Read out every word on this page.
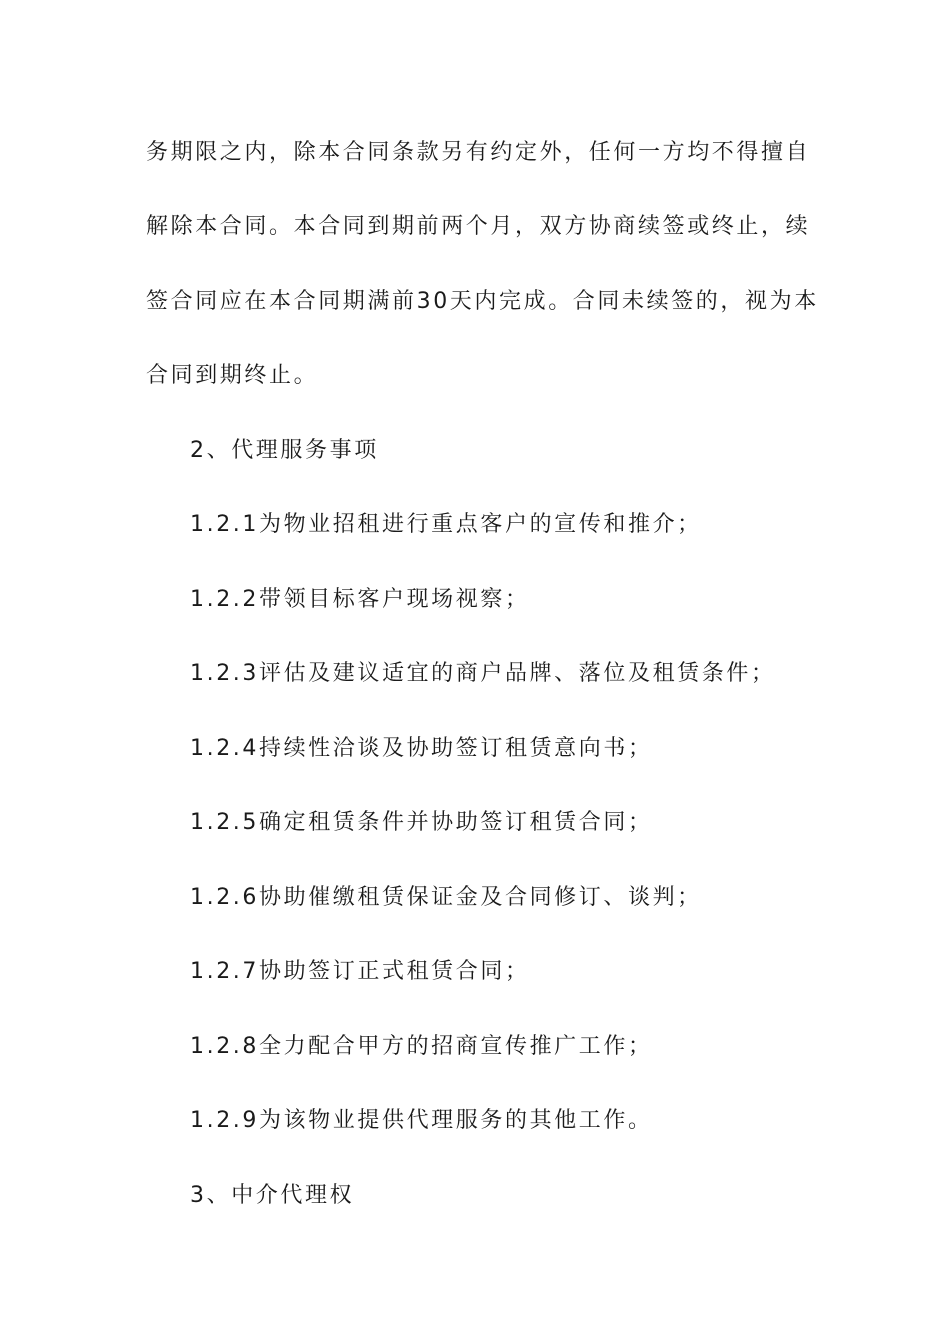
务期限之内，除本合同条款另有约定外，任何一方均不得擅自
解除本合同。本合同到期前两个月，双方协商续签或终止，续
签合同应在本合同期满前30天内完成。合同未续签的，视为本
合同到期终止。
2、代理服务事项
1.2.1为物业招租进行重点客户的宣传和推介；
1.2.2带领目标客户现场视察；
1.2.3评估及建议适宜的商户品牌、落位及租赁条件；
1.2.4持续性洽谈及协助签订租赁意向书；
1.2.5确定租赁条件并协助签订租赁合同；
1.2.6协助催缴租赁保证金及合同修订、谈判；
1.2.7协助签订正式租赁合同；
1.2.8全力配合甲方的招商宣传推广工作；
1.2.9为该物业提供代理服务的其他工作。
3、中介代理权
